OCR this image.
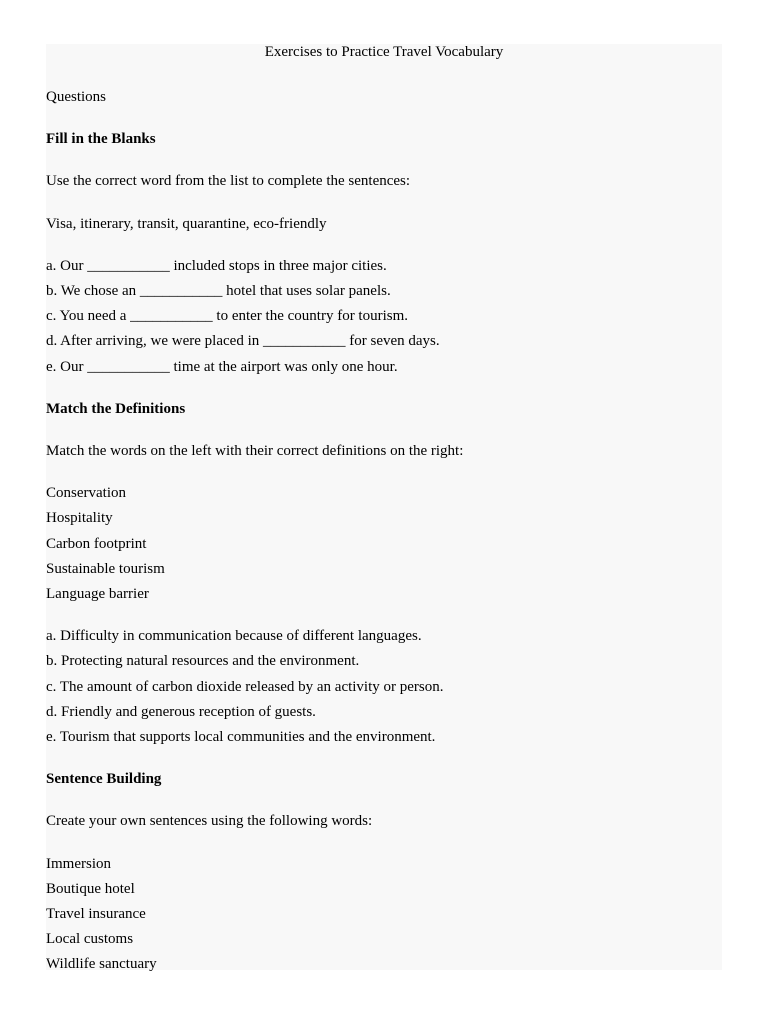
Exercises to Practice Travel Vocabulary

Questions

Fill in the Blanks

Use the correct word from the list to complete the sentences:

Visa, itinerary, transit, quarantine, eco-friendly

a. Our ___________ included stops in three major cities.
b. We chose an ___________ hotel that uses solar panels.
c. You need a ___________ to enter the country for tourism.
d. After arriving, we were placed in ___________ for seven days.
e. Our ___________ time at the airport was only one hour.

Match the Definitions

Match the words on the left with their correct definitions on the right:

Conservation
Hospitality
Carbon footprint
Sustainable tourism
Language barrier
a. Difficulty in communication because of different languages.
b. Protecting natural resources and the environment.
c. The amount of carbon dioxide released by an activity or person.
d. Friendly and generous reception of guests.
e. Tourism that supports local communities and the environment.

Sentence Building

Create your own sentences using the following words:

Immersion
Boutique hotel
Travel insurance
Local customs
Wildlife sanctuary
